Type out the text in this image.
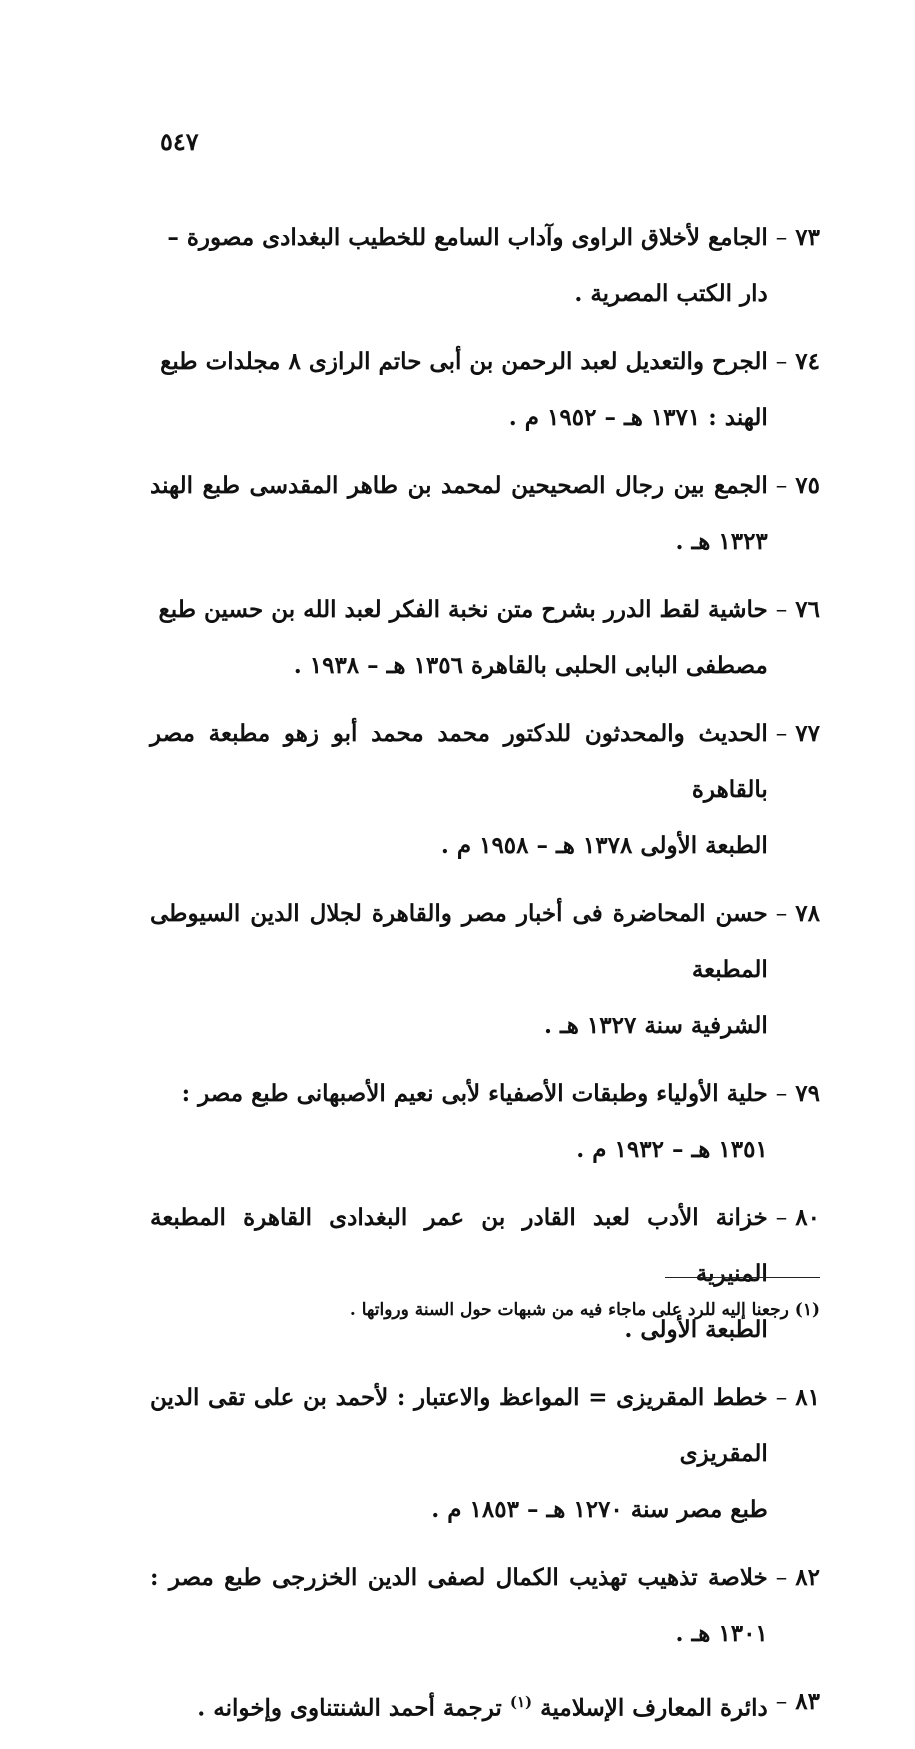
٥٤٧
٧٣
–
الجامع لأخلاق الراوى وآداب السامع للخطيب البغدادى مصورة –
دار الكتب المصرية .
٧٤
–
الجرح والتعديل لعبد الرحمن بن أبى حاتم الرازى ٨ مجلدات طبع
الهند : ١٣٧١ هـ – ١٩٥٢ م .
٧٥
–
الجمع بين رجال الصحيحين لمحمد بن طاهر المقدسى طبع الهند ١٣٢٣ هـ .
٧٦
–
حاشية لقط الدرر بشرح متن نخبة الفكر لعبد الله بن حسين طبع
مصطفى البابى الحلبى بالقاهرة ١٣٥٦ هـ – ١٩٣٨ .
٧٧
–
الحديث والمحدثون للدكتور محمد محمد أبو زهو مطبعة مصر بالقاهرة
الطبعة الأولى ١٣٧٨ هـ – ١٩٥٨ م .
٧٨
–
حسن المحاضرة فى أخبار مصر والقاهرة لجلال الدين السيوطى المطبعة
الشرفية سنة ١٣٢٧ هـ .
٧٩
–
حلية الأولياء وطبقات الأصفياء لأبى نعيم الأصبهانى طبع مصر :
١٣٥١ هـ – ١٩٣٢ م .
٨٠
–
خزانة الأدب لعبد القادر بن عمر البغدادى القاهرة المطبعة المنيرية
الطبعة الأولى .
٨١
–
خطط المقريزى = المواعظ والاعتبار : لأحمد بن على تقى الدين المقريزى
طبع مصر سنة ١٢٧٠ هـ – ١٨٥٣ م .
٨٢
–
خلاصة تذهيب تهذيب الكمال لصفى الدين الخزرجى طبع مصر : ١٣٠١ هـ .
٨٣
–
دائرة المعارف الإسلامية $^{(١)}$ ترجمة أحمد الشنتناوى وإخوانه .
(١) رجعنا إليه للرد على ماجاء فيه من شبهات حول السنة ورواتها .
